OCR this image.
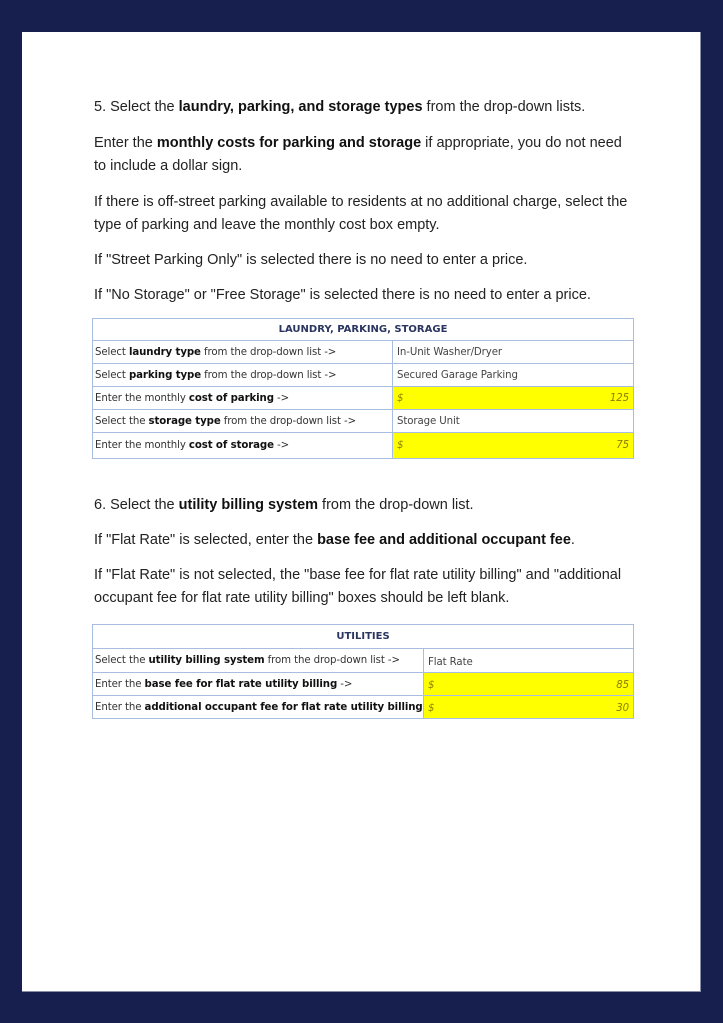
5. Select the laundry, parking, and storage types from the drop-down lists.

Enter the monthly costs for parking and storage if appropriate, you do not need to include a dollar sign.

If there is off-street parking available to residents at no additional charge, select the type of parking and leave the monthly cost box empty.

If "Street Parking Only" is selected there is no need to enter a price.

If "No Storage" or "Free Storage" is selected there is no need to enter a price.

LAUNDRY, PARKING, STORAGE	
Select laundry type from the drop-down list ->	In-Unit Washer/Dryer
Select parking type from the drop-down list ->	Secured Garage Parking
Enter the monthly cost of parking ->	$ 125

Select the storage type from the drop-down list ->	Storage Unit
Enter the monthly cost of storage ->	$ 75

6. Select the utility billing system from the drop-down list.

If "Flat Rate" is selected, enter the base fee and additional occupant fee.

If "Flat Rate" is not selected, the "base fee for flat rate utility billing" and "additional occupant fee for flat rate utility billing" boxes should be left blank.

UTILITIES	
Select the utility billing system from the drop-down list ->	Flat Rate
Enter the base fee for flat rate utility billing ->	$ 85

Enter the additional occupant fee for flat rate utility billing	$ 30
